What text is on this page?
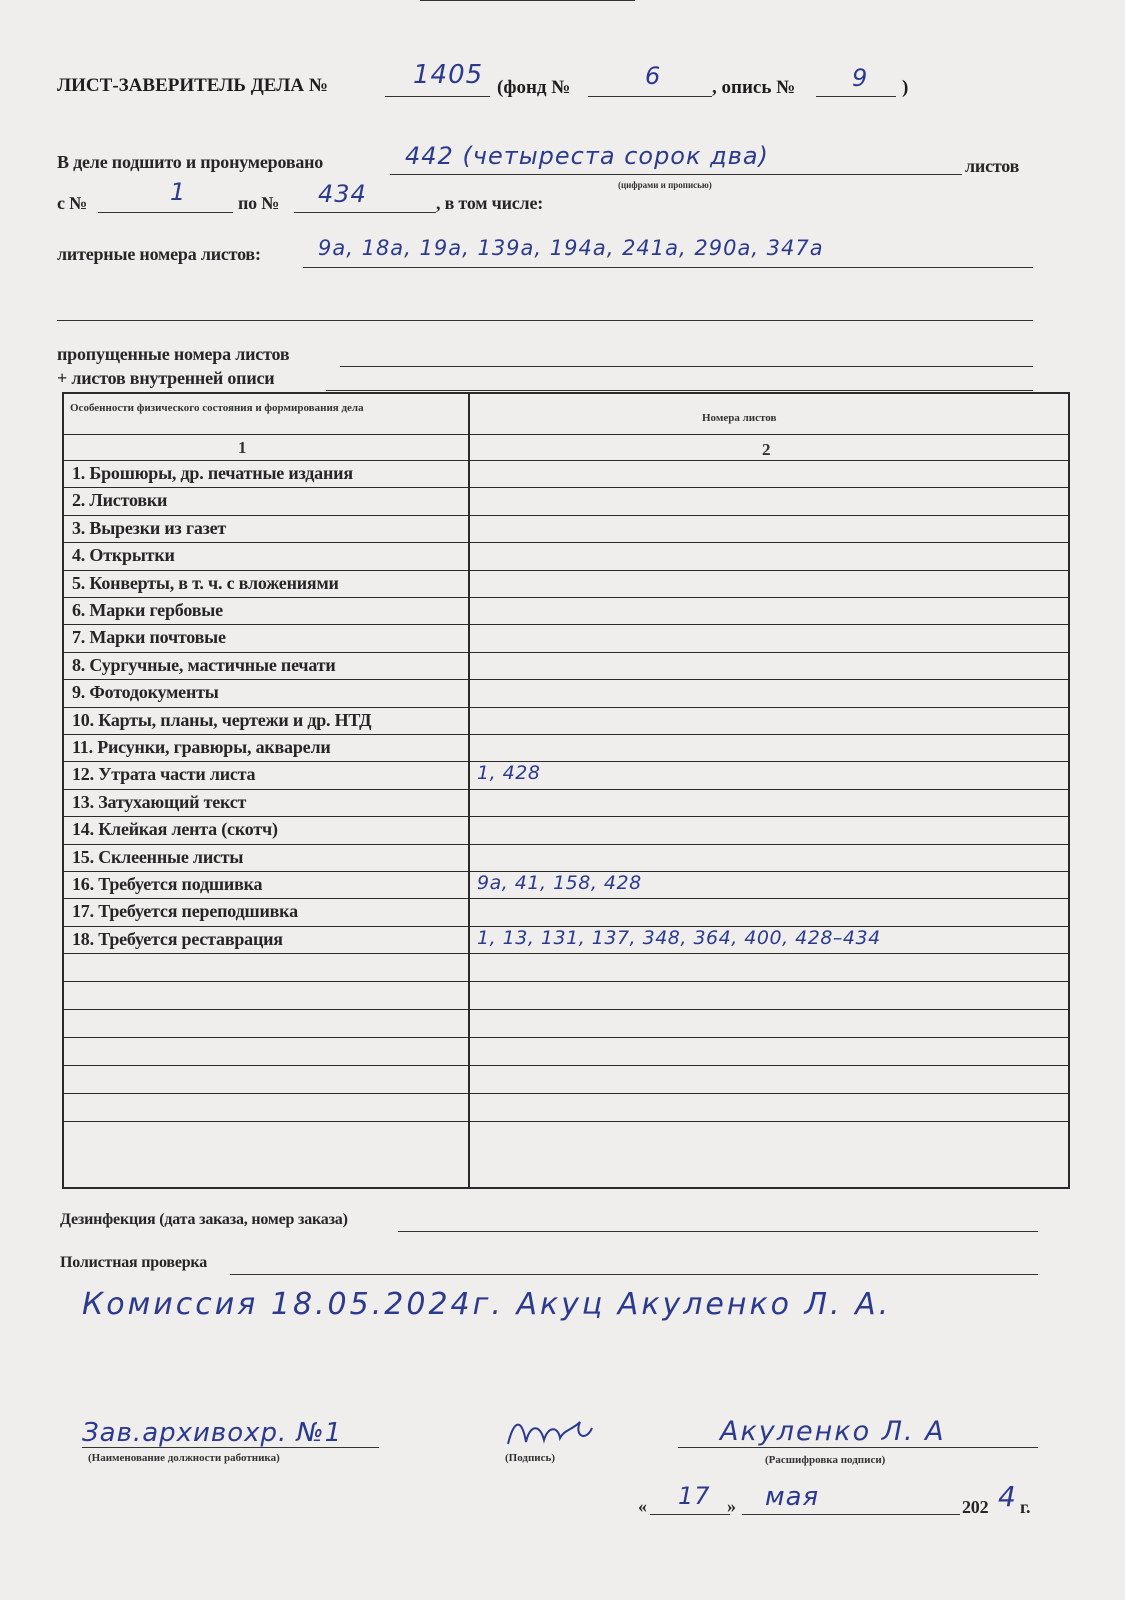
ЛИСТ-ЗАВЕРИТЕЛЬ ДЕЛА №	1405 (фонд №	6	, опись № 9 )
В деле подшито и пронумеровано	442 (четыреста сорок два)	листов
(цифрами и прописью)
с №	1	по № 434	, в том числе:
литерные номера листов:	9а, 18а, 19а, 139а, 194а, 241а, 290а, 347а
пропущенные номера листов
+ листов внутренней описи
Особенности физического состояния и формирования дела
Номера листов
1	2
1. Брошюры, др. печатные издания
2. Листовки
3. Вырезки из газет
4. Открытки
5. Конверты, в т. ч. с вложениями
6. Марки гербовые
7. Марки почтовые
8. Сургучные, мастичные печати
9. Фотодокументы
10. Карты, планы, чертежи и др. НТД
11. Рисунки, гравюры, акварели
12. Утрата части листа	1, 428
13. Затухающий текст
14. Клейкая лента (скотч)
15. Склеенные листы
16. Требуется подшивка	9а, 41, 158, 428
17. Требуется переподшивка
18. Требуется реставрация	1, 13, 131, 137, 348, 364, 400, 428–434
Дезинфекция (дата заказа, номер заказа)
Полистная проверка
Комиссия 18.05.2024г. Акуц Акуленко Л. А.
Зав.архивохр. №1
(Наименование должности работника)	(Подпись)
Акуленко Л. А
(Расшифровка подписи)
« 17 » мая	202 4 г.
